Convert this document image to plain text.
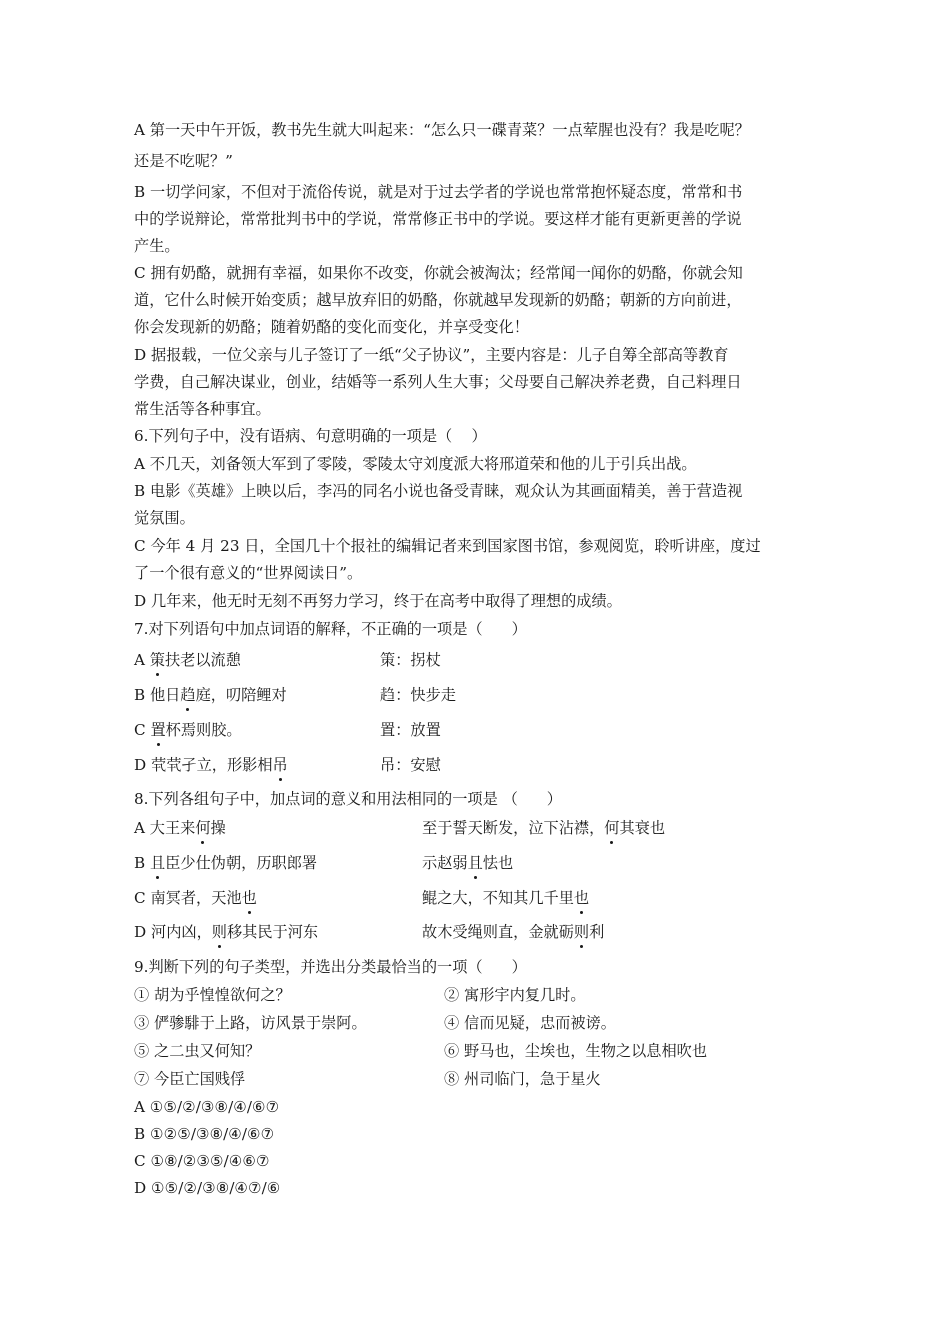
A 第一天中午开饭，教书先生就大叫起来：“怎么只一碟青菜？一点荤腥也没有？我是吃呢？
还是不吃呢？”
B 一切学问家，不但对于流俗传说，就是对于过去学者的学说也常常抱怀疑态度，常常和书
中的学说辩论，常常批判书中的学说，常常修正书中的学说。要这样才能有更新更善的学说
产生。
C 拥有奶酪，就拥有幸福，如果你不改变，你就会被淘汰；经常闻一闻你的奶酪，你就会知
道，它什么时候开始变质；越早放弃旧的奶酪，你就越早发现新的奶酪；朝新的方向前进，
你会发现新的奶酪；随着奶酪的变化而变化，并享受变化！
D 据报载，一位父亲与儿子签订了一纸“父子协议”，主要内容是：儿子自筹全部高等教育
学费，自己解决谋业，创业，结婚等一系列人生大事；父母要自己解决养老费，自己料理日
常生活等各种事宜。
6.下列句子中，没有语病、句意明确的一项是（    ）
A 不几天，刘备领大军到了零陵，零陵太守刘度派大将邢道荣和他的儿于引兵出战。
B 电影《英雄》上映以后，李冯的同名小说也备受青睐，观众认为其画面精美，善于营造视
觉氛围。
C 今年 4 月 23 日，全国几十个报社的编辑记者来到国家图书馆，参观阅览，聆听讲座，度过
了一个很有意义的“世界阅读日”。
D 几年来，他无时无刻不再努力学习，终于在高考中取得了理想的成绩。
7.对下列语句中加点词语的解释，不正确的一项是（      ）
A 策扶老以流憩	策：拐杖
B 他日趋庭，叨陪鲤对	趋：快步走
C 置杯焉则胶。	置：放置
D 茕茕孑立，形影相吊	吊：安慰
8.下列各组句子中，加点词的意义和用法相同的一项是 （      ）
A 大王来何操	至于誓天断发，泣下沾襟，何其衰也
B 且臣少仕伪朝，历职郎署	示赵弱且怯也
C 南冥者，天池也	鲲之大，不知其几千里也
D 河内凶，则移其民于河东	故木受绳则直，金就砺则利
9.判断下列的句子类型，并选出分类最恰当的一项（      ）
① 胡为乎惶惶欲何之？	② 寓形宇内复几时。
③ 俨骖騑于上路，访风景于崇阿。	④ 信而见疑，忠而被谤。
⑤ 之二虫又何知？	⑥ 野马也，尘埃也，生物之以息相吹也
⑦ 今臣亡国贱俘	⑧ 州司临门，急于星火
A ①⑤/②/③⑧/④/⑥⑦
B ①②⑤/③⑧/④/⑥⑦
C ①⑧/②③⑤/④⑥⑦
D ①⑤/②/③⑧/④⑦/⑥
